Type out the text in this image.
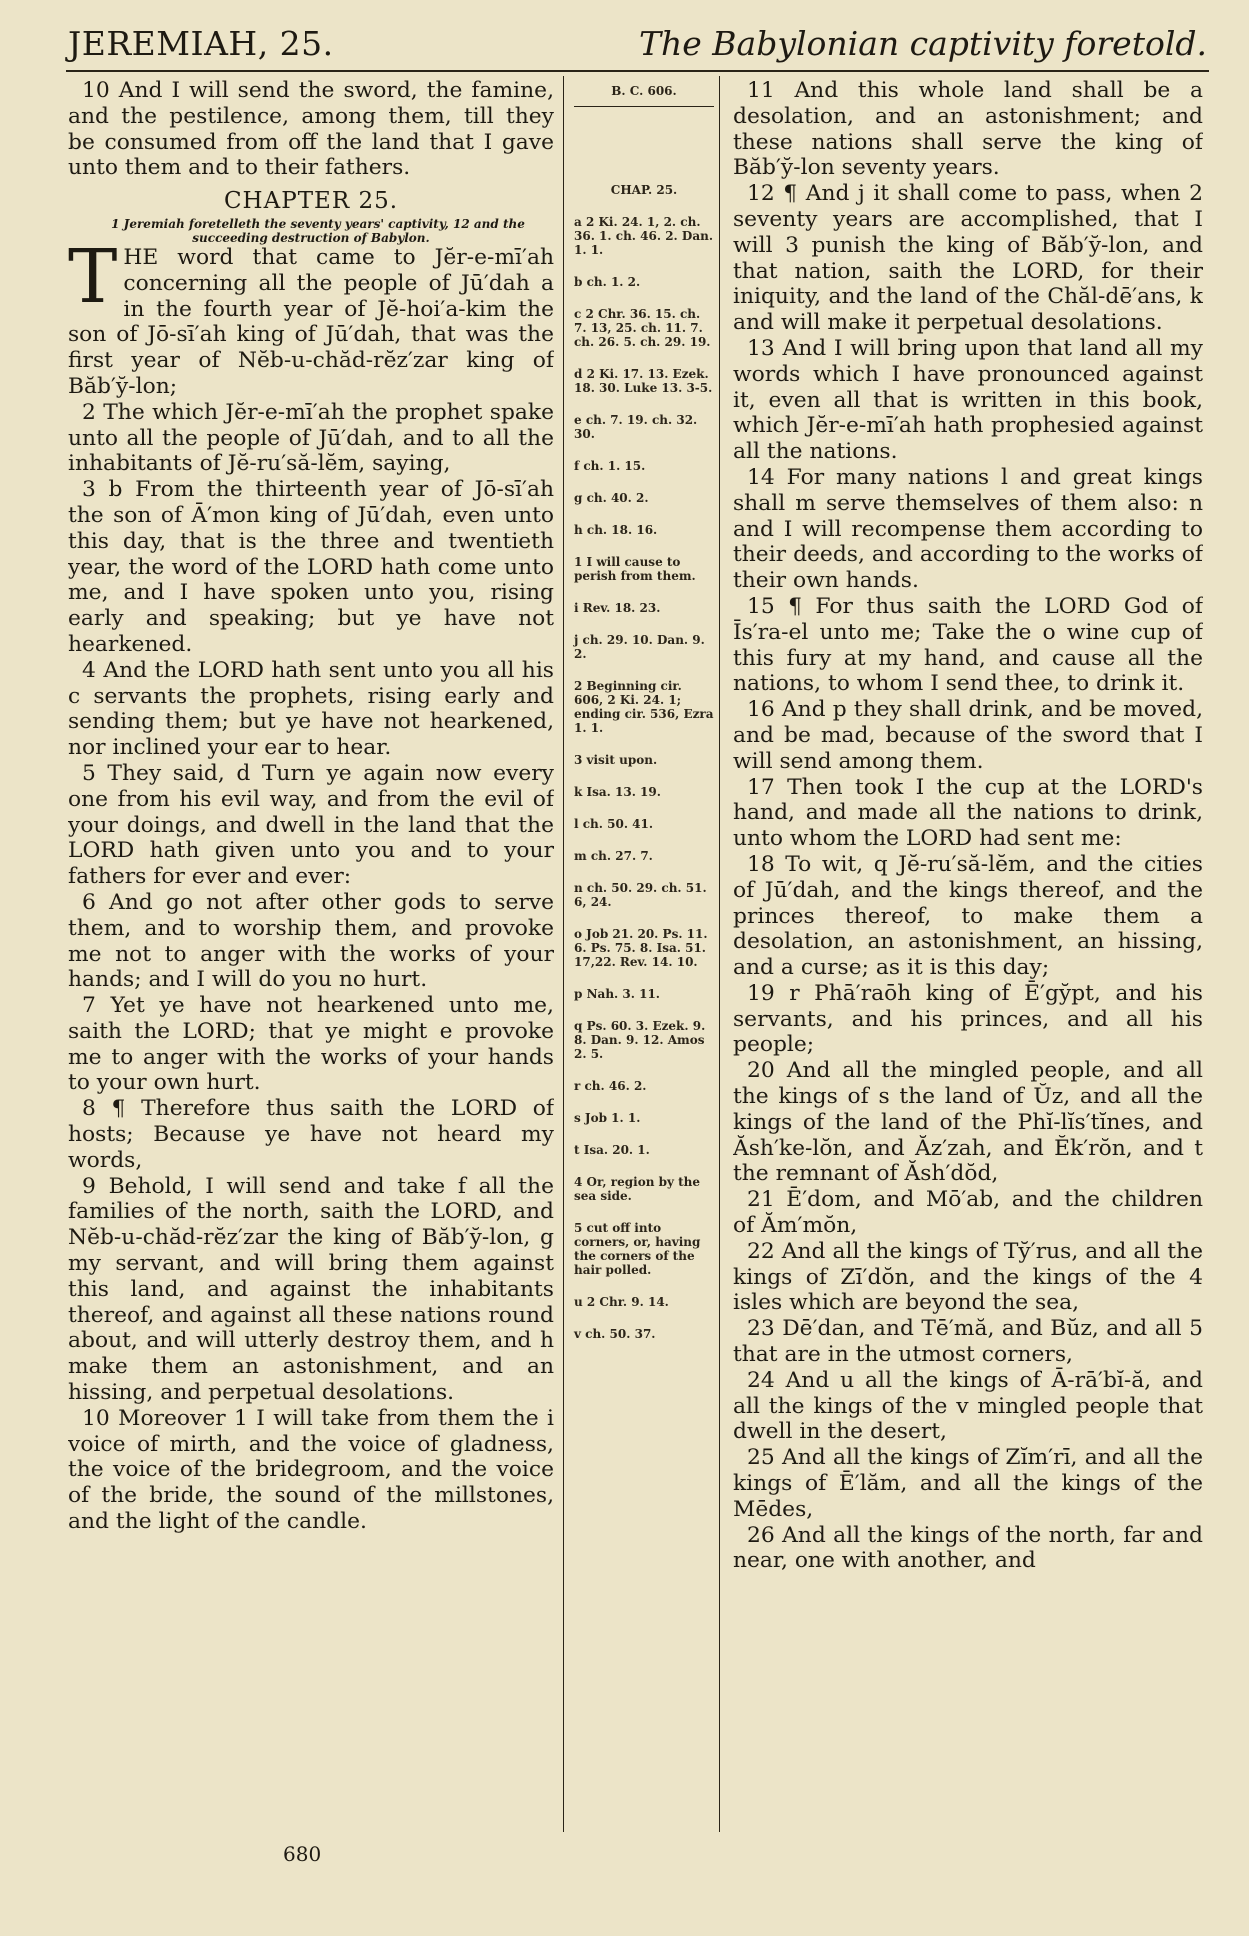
JEREMIAH, 25.	The Babylonian captivity foretold.

10 And I will send the sword, the famine, and the pestilence, among them, till they be consumed from off the land that I gave unto them and to their fathers.

CHAPTER 25.

1 Jeremiah foretelleth the seventy years' captivity, 12 and the succeeding destruction of Babylon.

THE word that came to Jĕr-e-mī′ah concerning all the people of Jū′dah a in the fourth year of Jĕ-hoi′a-kim the son of Jō-sī′ah king of Jū′dah, that was the first year of Nĕb-u-chăd-rĕz′zar king of Băb′y̆-lon;

2 The which Jĕr-e-mī′ah the prophet spake unto all the people of Jū′dah, and to all the inhabitants of Jĕ-ru′să-lĕm, saying,

3 b From the thirteenth year of Jō-sī′ah the son of Ā′mon king of Jū′dah, even unto this day, that is the three and twentieth year, the word of the LORD hath come unto me, and I have spoken unto you, rising early and speaking; but ye have not hearkened.

4 And the LORD hath sent unto you all his c servants the prophets, rising early and sending them; but ye have not hearkened, nor inclined your ear to hear.

5 They said, d Turn ye again now every one from his evil way, and from the evil of your doings, and dwell in the land that the LORD hath given unto you and to your fathers for ever and ever:

6 And go not after other gods to serve them, and to worship them, and provoke me not to anger with the works of your hands; and I will do you no hurt.

7 Yet ye have not hearkened unto me, saith the LORD; that ye might e provoke me to anger with the works of your hands to your own hurt.

8 ¶ Therefore thus saith the LORD of hosts; Because ye have not heard my words,

9 Behold, I will send and take f all the families of the north, saith the LORD, and Nĕb-u-chăd-rĕz′zar the king of Băb′y̆-lon, g my servant, and will bring them against this land, and against the inhabitants thereof, and against all these nations round about, and will utterly destroy them, and h make them an astonishment, and an hissing, and perpetual desolations.

10 Moreover 1 I will take from them the i voice of mirth, and the voice of gladness, the voice of the bridegroom, and the voice of the bride, the sound of the millstones, and the light of the candle.

B. C. 606.
CHAP. 25.
a 2 Ki. 24. 1, 2. ch. 36. 1. ch. 46. 2. Dan. 1. 1.
b ch. 1. 2.
c 2 Chr. 36. 15. ch. 7. 13, 25. ch. 11. 7. ch. 26. 5. ch. 29. 19.
d 2 Ki. 17. 13. Ezek. 18. 30. Luke 13. 3-5.
e ch. 7. 19. ch. 32. 30.
f ch. 1. 15.
g ch. 40. 2.
h ch. 18. 16.
1 I will cause to perish from them.
i Rev. 18. 23.
j ch. 29. 10. Dan. 9. 2.
2 Beginning cir. 606, 2 Ki. 24. 1; ending cir. 536, Ezra 1. 1.
3 visit upon.
k Isa. 13. 19.
l ch. 50. 41.
m ch. 27. 7.
n ch. 50. 29. ch. 51. 6, 24.
o Job 21. 20. Ps. 11. 6. Ps. 75. 8. Isa. 51. 17,22. Rev. 14. 10.
p Nah. 3. 11.
q Ps. 60. 3. Ezek. 9. 8. Dan. 9. 12. Amos 2. 5.
r ch. 46. 2.
s Job 1. 1.
t Isa. 20. 1.
4 Or, region by the sea side.
5 cut off into corners, or, having the corners of the hair polled.
u 2 Chr. 9. 14.
v ch. 50. 37.

11 And this whole land shall be a desolation, and an astonishment; and these nations shall serve the king of Băb′y̆-lon seventy years.

12 ¶ And j it shall come to pass, when 2 seventy years are accomplished, that I will 3 punish the king of Băb′y̆-lon, and that nation, saith the LORD, for their iniquity, and the land of the Chăl-dē′ans, k and will make it perpetual desolations.

13 And I will bring upon that land all my words which I have pronounced against it, even all that is written in this book, which Jĕr-e-mī′ah hath prophesied against all the nations.

14 For many nations l and great kings shall m serve themselves of them also: n and I will recompense them according to their deeds, and according to the works of their own hands.

15 ¶ For thus saith the LORD God of Īs′ra-el unto me; Take the o wine cup of this fury at my hand, and cause all the nations, to whom I send thee, to drink it.

16 And p they shall drink, and be moved, and be mad, because of the sword that I will send among them.

17 Then took I the cup at the LORD's hand, and made all the nations to drink, unto whom the LORD had sent me:

18 To wit, q Jĕ-ru′să-lĕm, and the cities of Jū′dah, and the kings thereof, and the princes thereof, to make them a desolation, an astonishment, an hissing, and a curse; as it is this day;

19 r Phā′raōh king of Ē′gy̆pt, and his servants, and his princes, and all his people;

20 And all the mingled people, and all the kings of s the land of Ŭz, and all the kings of the land of the Phĭ-lĭs′tĭnes, and Ăsh′ke-lŏn, and Ăz′zah, and Ĕk′rŏn, and t the remnant of Ăsh′dŏd,

21 Ē′dom, and Mō′ab, and the children of Ăm′mŏn,

22 And all the kings of Ty̆′rus, and all the kings of Zī′dŏn, and the kings of the 4 isles which are beyond the sea,

23 Dē′dan, and Tē′mă, and Bŭz, and all 5 that are in the utmost corners,

24 And u all the kings of Ā-rā′bĭ-ă, and all the kings of the v mingled people that dwell in the desert,

25 And all the kings of Zĭm′rī, and all the kings of Ē′lăm, and all the kings of the Mēdes,

26 And all the kings of the north, far and near, one with another, and

680
